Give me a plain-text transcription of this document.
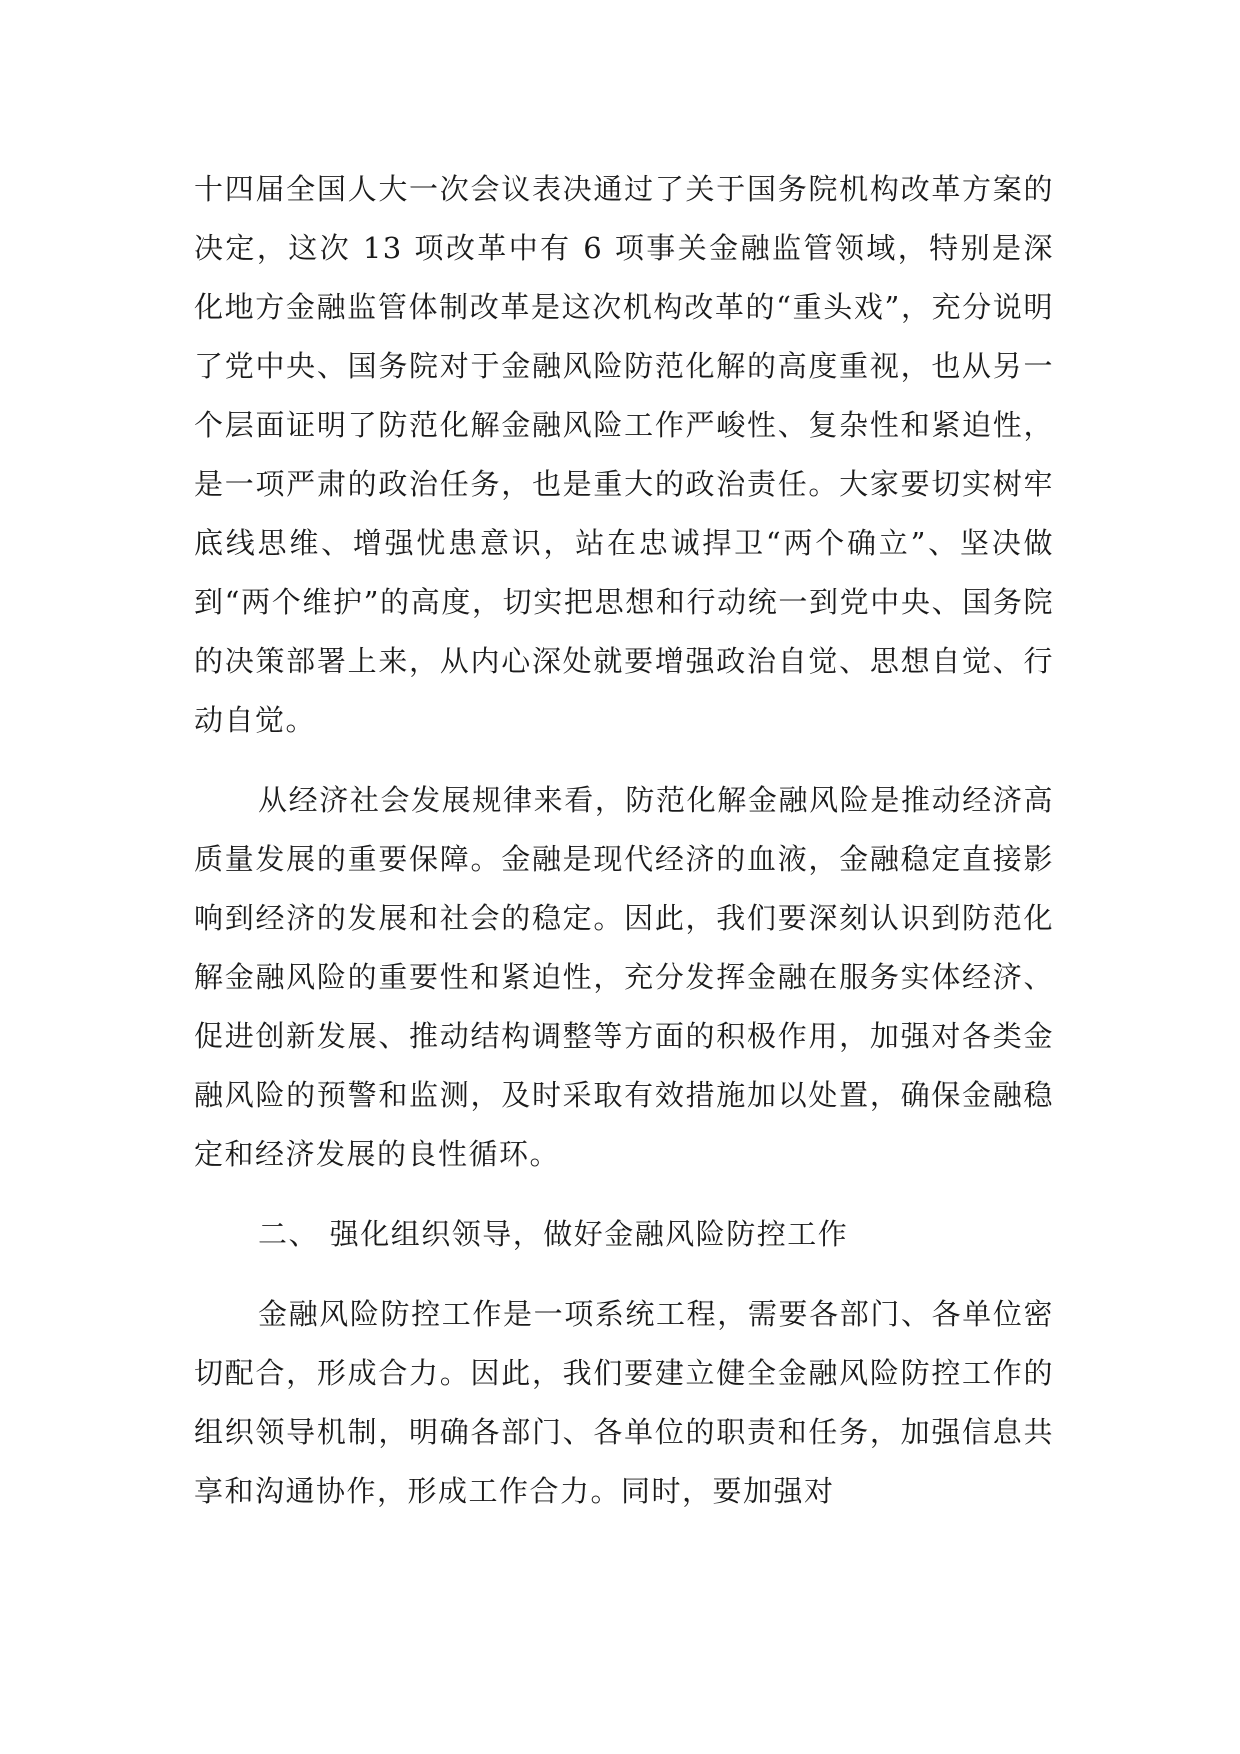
十四届全国人大一次会议表决通过了关于国务院机构改革方案的决定，这次 13 项改革中有 6 项事关金融监管领域，特别是深化地方金融监管体制改革是这次机构改革的“重头戏”，充分说明了党中央、国务院对于金融风险防范化解的高度重视，也从另一个层面证明了防范化解金融风险工作严峻性、复杂性和紧迫性，是一项严肃的政治任务，也是重大的政治责任。大家要切实树牢底线思维、增强忧患意识，站在忠诚捍卫“两个确立”、坚决做到“两个维护”的高度，切实把思想和行动统一到党中央、国务院的决策部署上来，从内心深处就要增强政治自觉、思想自觉、行动自觉。

从经济社会发展规律来看，防范化解金融风险是推动经济高质量发展的重要保障。金融是现代经济的血液，金融稳定直接影响到经济的发展和社会的稳定。因此，我们要深刻认识到防范化解金融风险的重要性和紧迫性，充分发挥金融在服务实体经济、促进创新发展、推动结构调整等方面的积极作用，加强对各类金融风险的预警和监测，及时采取有效措施加以处置，确保金融稳定和经济发展的良性循环。

二、 强化组织领导，做好金融风险防控工作

金融风险防控工作是一项系统工程，需要各部门、各单位密切配合，形成合力。因此，我们要建立健全金融风险防控工作的组织领导机制，明确各部门、各单位的职责和任务，加强信息共享和沟通协作，形成工作合力。同时，要加强对
